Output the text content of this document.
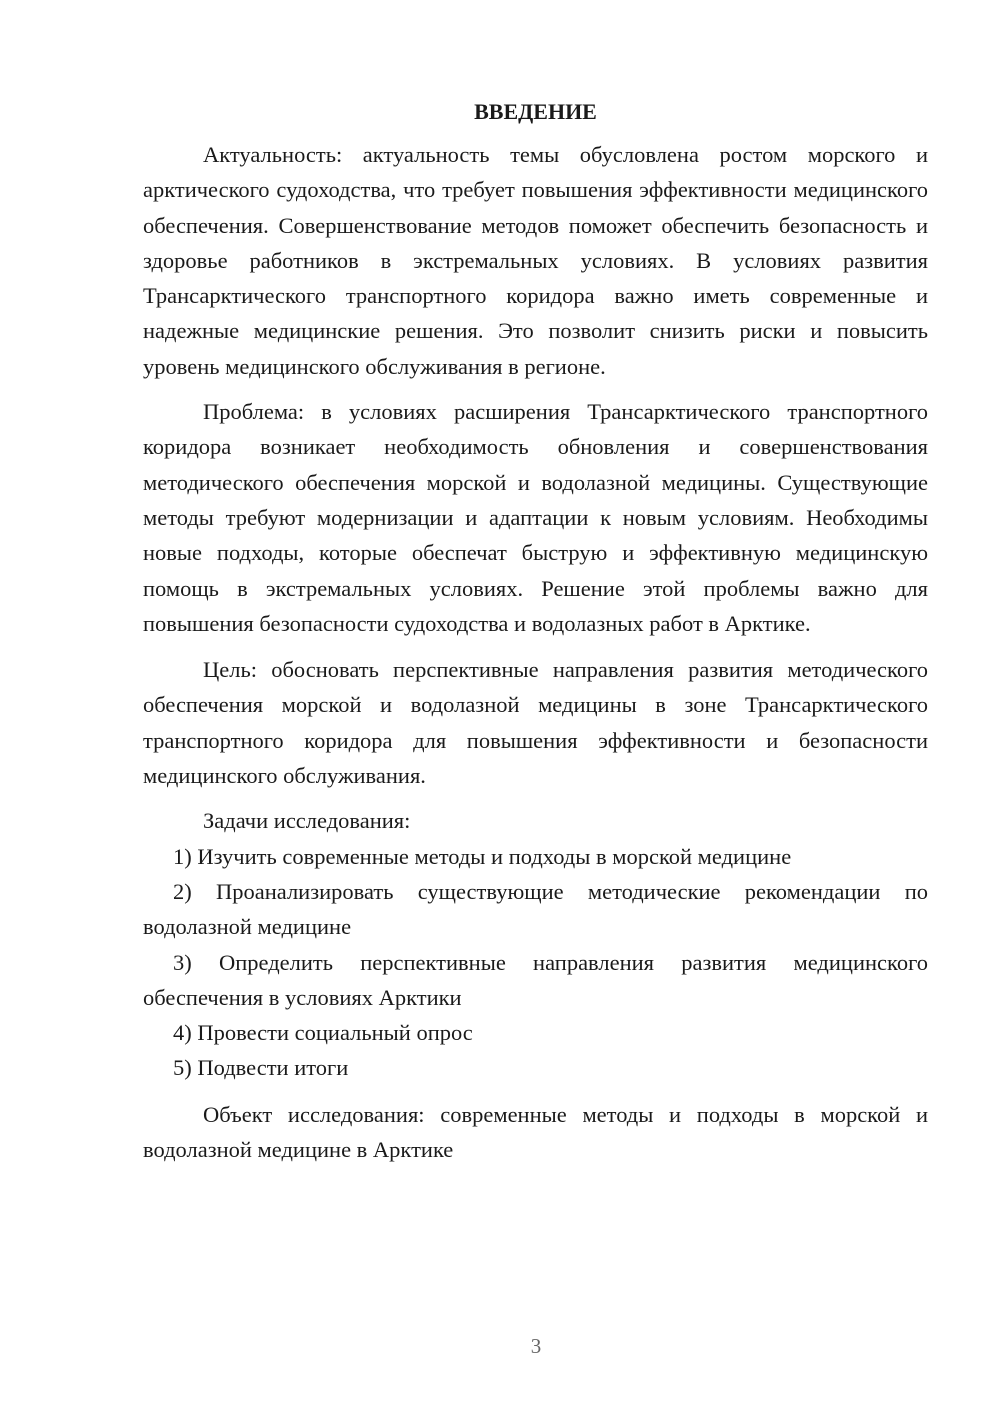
ВВЕДЕНИЕ

Актуальность: актуальность темы обусловлена ростом морского и арктического судоходства, что требует повышения эффективности медицинского обеспечения. Совершенствование методов поможет обеспечить безопасность и здоровье работников в экстремальных условиях. В условиях развития Трансарктического транспортного коридора важно иметь современные и надежные медицинские решения. Это позволит снизить риски и повысить уровень медицинского обслуживания в регионе.

Проблема: в условиях расширения Трансарктического транспортного коридора возникает необходимость обновления и совершенствования методического обеспечения морской и водолазной медицины. Существующие методы требуют модернизации и адаптации к новым условиям. Необходимы новые подходы, которые обеспечат быструю и эффективную медицинскую помощь в экстремальных условиях. Решение этой проблемы важно для повышения безопасности судоходства и водолазных работ в Арктике.

Цель: обосновать перспективные направления развития методического обеспечения морской и водолазной медицины в зоне Трансарктического транспортного коридора для повышения эффективности и безопасности медицинского обслуживания.

Задачи исследования:

1) Изучить современные методы и подходы в морской медицине

2) Проанализировать существующие методические рекомендации по водолазной медицине

3) Определить перспективные направления развития медицинского обеспечения в условиях Арктики

4) Провести социальный опрос

5) Подвести итоги

Объект исследования: современные методы и подходы в морской и водолазной медицине в Арктике

3
